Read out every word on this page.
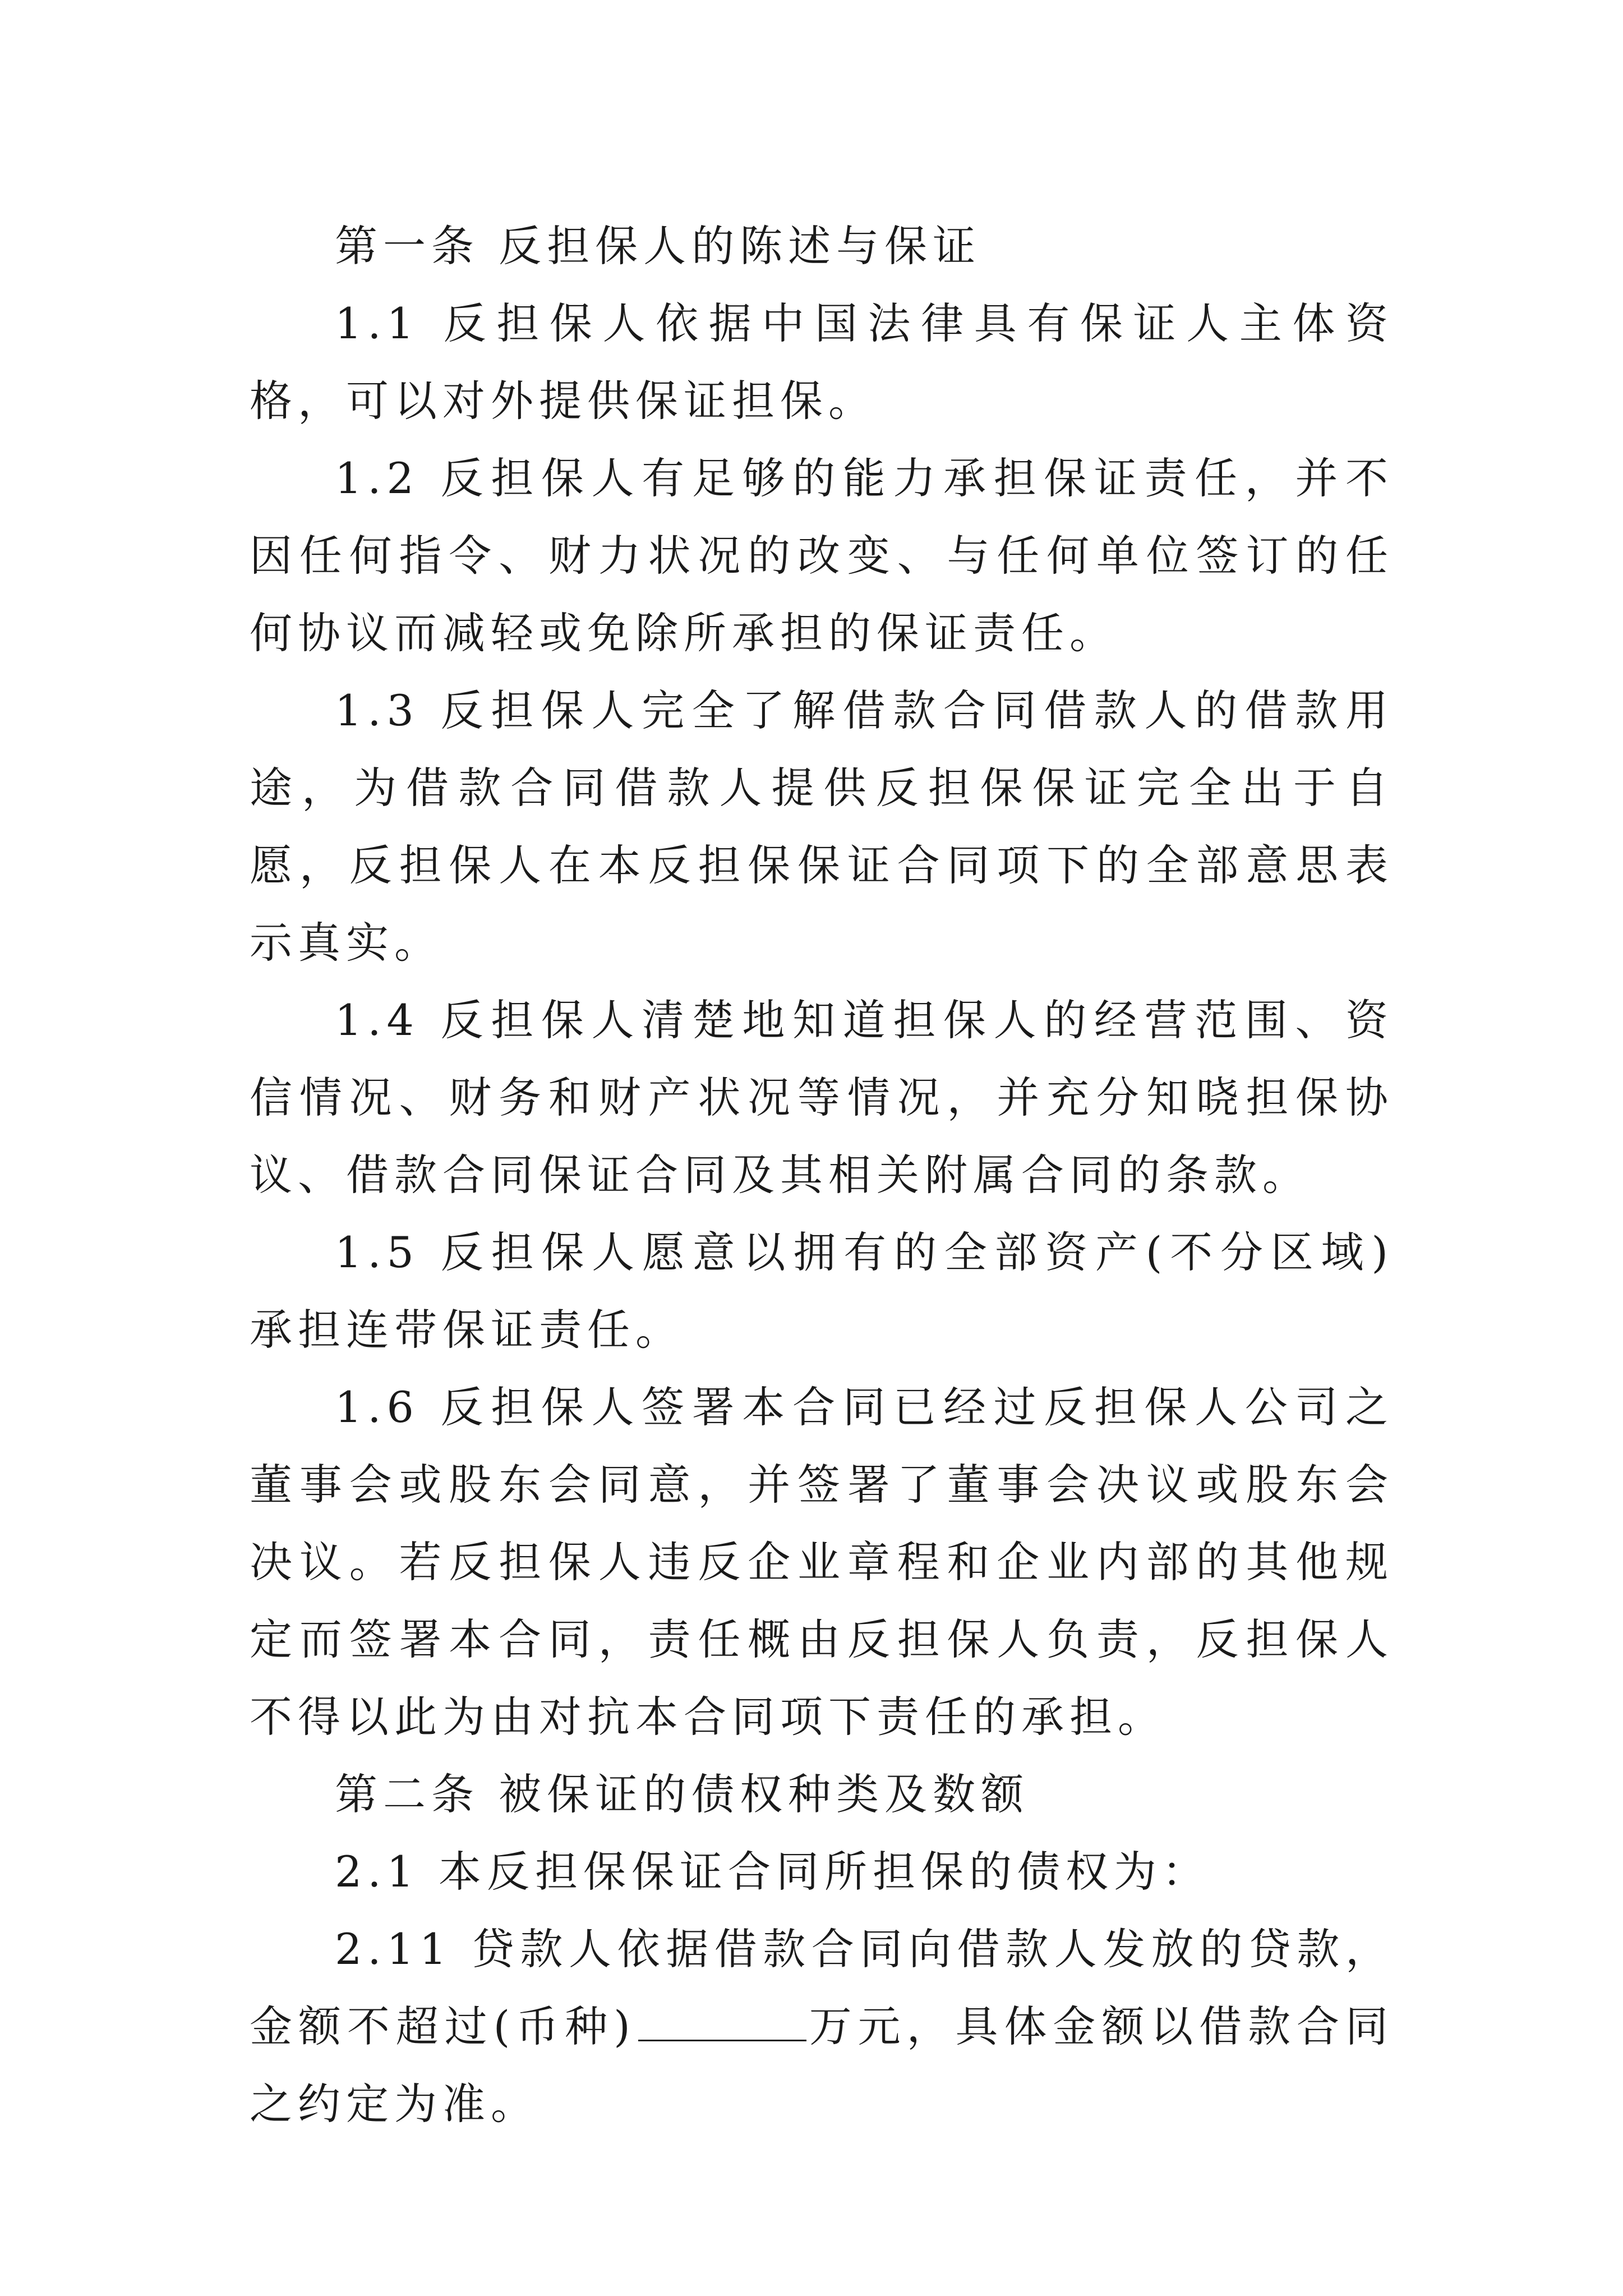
第一条 反担保人的陈述与保证

1.1 反担保人依据中国法律具有保证人主体资格，可以对外提供保证担保。

1.2 反担保人有足够的能力承担保证责任，并不因任何指令、财力状况的改变、与任何单位签订的任何协议而减轻或免除所承担的保证责任。

1.3 反担保人完全了解借款合同借款人的借款用途，为借款合同借款人提供反担保保证完全出于自愿，反担保人在本反担保保证合同项下的全部意思表示真实。

1.4 反担保人清楚地知道担保人的经营范围、资信情况、财务和财产状况等情况，并充分知晓担保协议、借款合同保证合同及其相关附属合同的条款。

1.5 反担保人愿意以拥有的全部资产(不分区域)承担连带保证责任。

1.6 反担保人签署本合同已经过反担保人公司之董事会或股东会同意，并签署了董事会决议或股东会决议。若反担保人违反企业章程和企业内部的其他规定而签署本合同，责任概由反担保人负责，反担保人不得以此为由对抗本合同项下责任的承担。

第二条 被保证的债权种类及数额

2.1 本反担保保证合同所担保的债权为：

2.11 贷款人依据借款合同向借款人发放的贷款，金额不超过(币种)	万元，具体金额以借款合同之约定为准。
